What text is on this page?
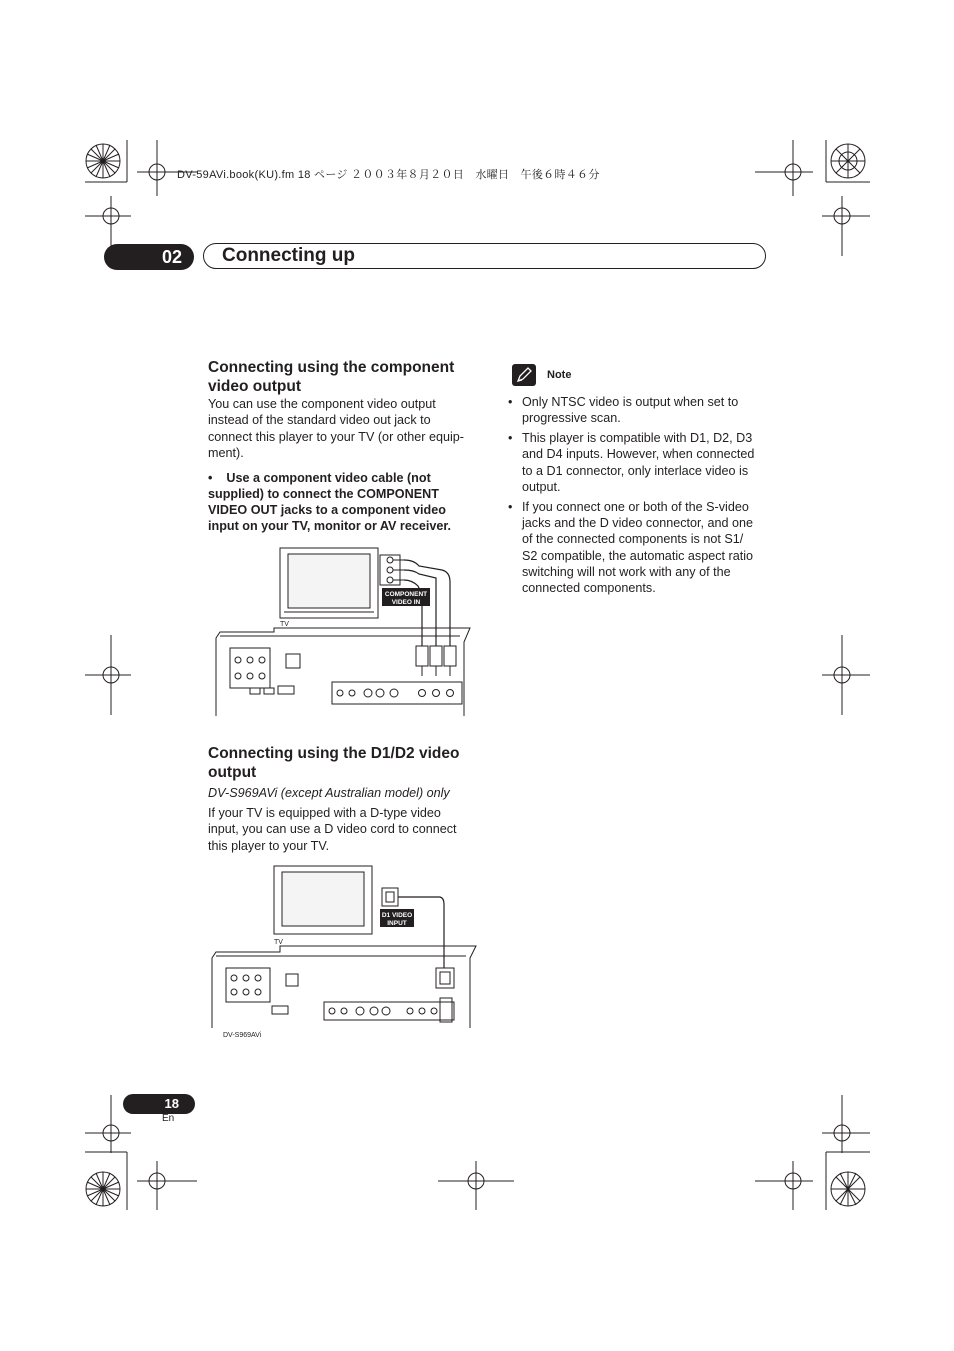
DV-59AVi.book(KU).fm 18 ページ ２００３年８月２０日　水曜日　午後６時４６分
02	Connecting up
Connecting using the component
video output
You can use the component video output
instead of the standard video out jack to
connect this player to your TV (or other equip-
ment).
• Use a component video cable (not
supplied) to connect the COMPONENT
VIDEO OUT jacks to a component video
input on your TV, monitor or AV receiver.
COMPONENT
VIDEO IN
TV
Connecting using the D1/D2 video
output
DV-S969AVi (except Australian model) only
If your TV is equipped with a D-type video
input, you can use a D video cord to connect
this player to your TV.
D1 VIDEO
INPUT
TV
DV-S969AVi
Note
• Only NTSC video is output when set to
progressive scan.
• This player is compatible with D1, D2, D3
and D4 inputs. However, when connected
to a D1 connector, only interlace video is
output.
• If you connect one or both of the S-video
jacks and the D video connector, and one
of the connected components is not S1/
S2 compatible, the automatic aspect ratio
switching will not work with any of the
connected components.
18
En
